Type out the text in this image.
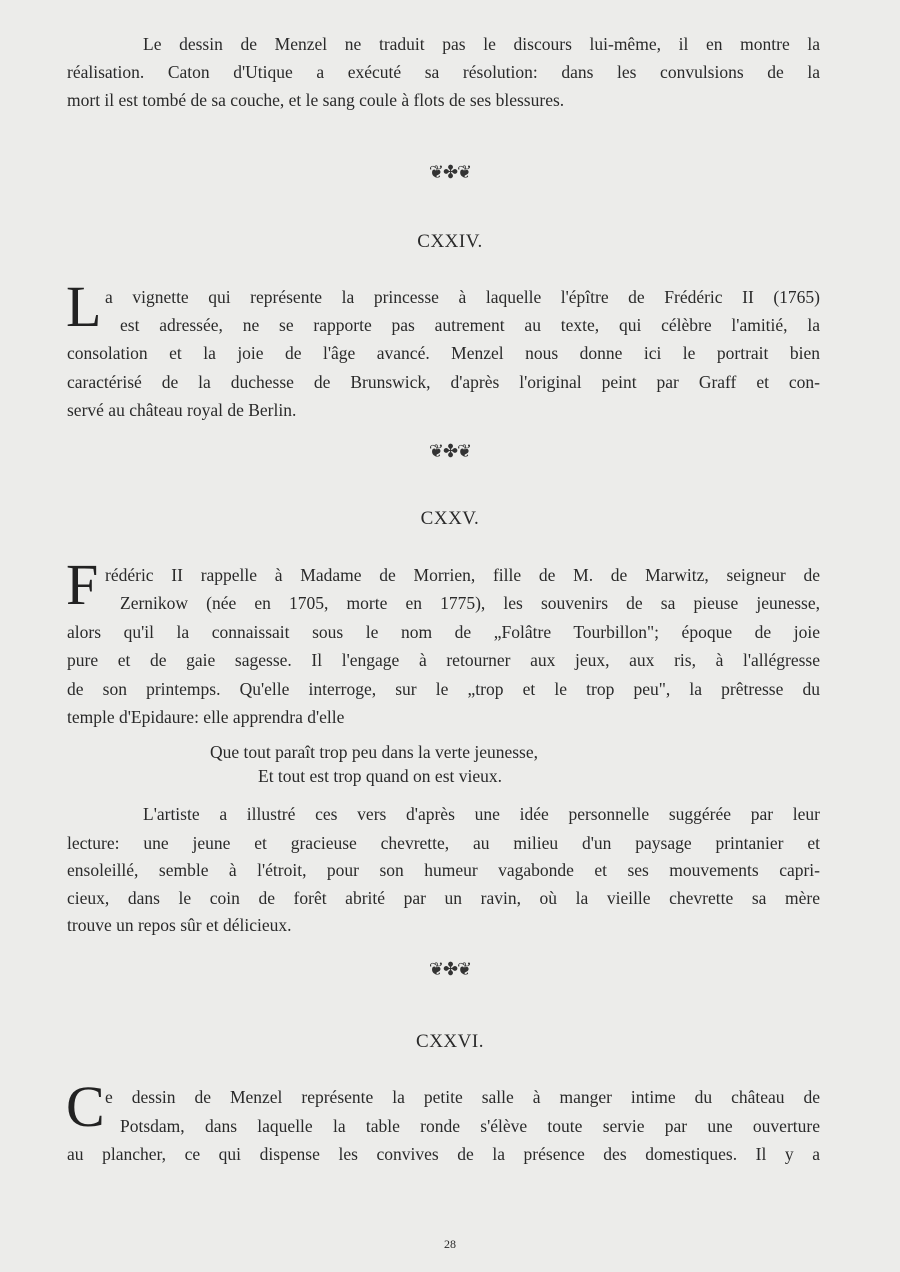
Le dessin de Menzel ne traduit pas le discours lui-même, il en montre la
réalisation. Caton d'Utique a exécuté sa résolution: dans les convulsions de la
mort il est tombé de sa couche, et le sang coule à flots de ses blessures.
❦✤❦
CXXIV.
L a vignette qui représente la princesse à laquelle l'épître de Frédéric II (1765)
est adressée, ne se rapporte pas autrement au texte, qui célèbre l'amitié, la
consolation et la joie de l'âge avancé. Menzel nous donne ici le portrait bien
caractérisé de la duchesse de Brunswick, d'après l'original peint par Graff et con-
servé au château royal de Berlin.
❦✤❦
CXXV.
F rédéric II rappelle à Madame de Morrien, fille de M. de Marwitz, seigneur de
Zernikow (née en 1705, morte en 1775), les souvenirs de sa pieuse jeunesse,
alors qu'il la connaissait sous le nom de „Folâtre Tourbillon"; époque de joie
pure et de gaie sagesse. Il l'engage à retourner aux jeux, aux ris, à l'allégresse
de son printemps. Qu'elle interroge, sur le „trop et le trop peu", la prêtresse du
temple d'Epidaure: elle apprendra d'elle
Que tout paraît trop peu dans la verte jeunesse,
Et tout est trop quand on est vieux.
L'artiste a illustré ces vers d'après une idée personnelle suggérée par leur
lecture: une jeune et gracieuse chevrette, au milieu d'un paysage printanier et
ensoleillé, semble à l'étroit, pour son humeur vagabonde et ses mouvements capri-
cieux, dans le coin de forêt abrité par un ravin, où la vieille chevrette sa mère
trouve un repos sûr et délicieux.
❦✤❦
CXXVI.
C e dessin de Menzel représente la petite salle à manger intime du château de
Potsdam, dans laquelle la table ronde s'élève toute servie par une ouverture
au plancher, ce qui dispense les convives de la présence des domestiques. Il y a
28
